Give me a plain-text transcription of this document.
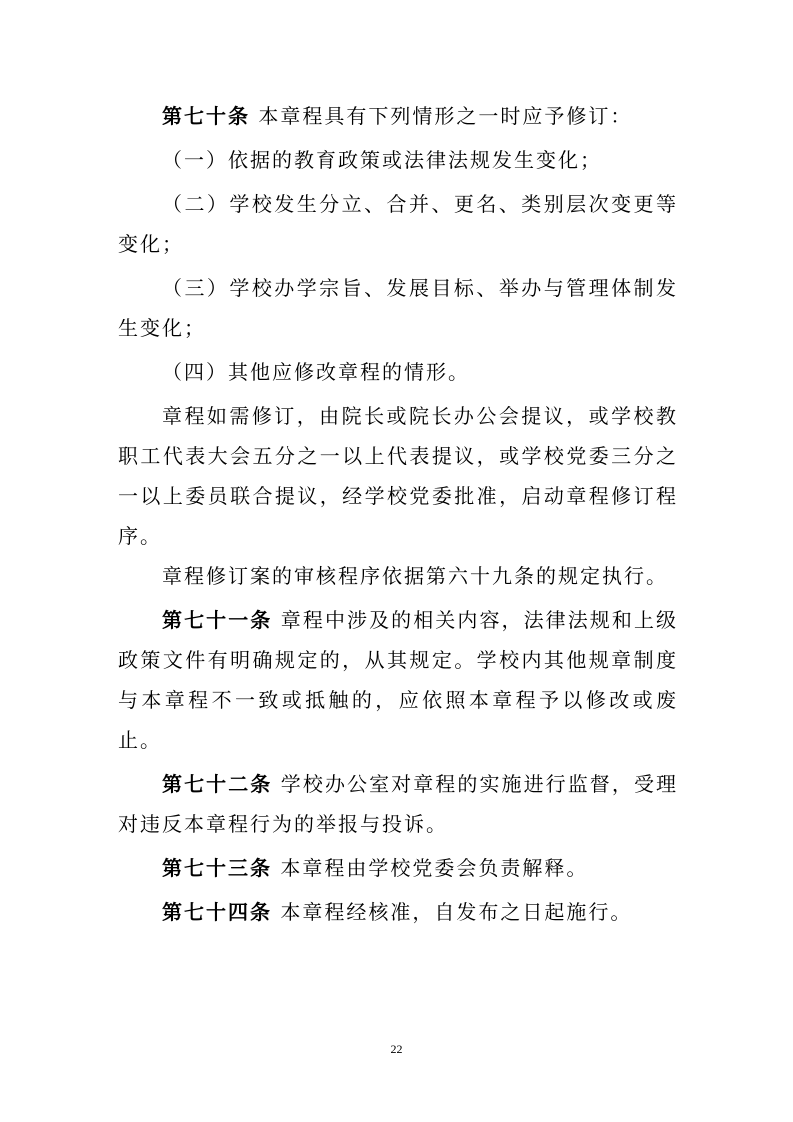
第七十条 本章程具有下列情形之一时应予修订：

（一）依据的教育政策或法律法规发生变化；

（二）学校发生分立、合并、更名、类别层次变更等变化；

（三）学校办学宗旨、发展目标、举办与管理体制发生变化；

（四）其他应修改章程的情形。

章程如需修订，由院长或院长办公会提议，或学校教职工代表大会五分之一以上代表提议，或学校党委三分之一以上委员联合提议，经学校党委批准，启动章程修订程序。

章程修订案的审核程序依据第六十九条的规定执行。

第七十一条 章程中涉及的相关内容，法律法规和上级政策文件有明确规定的，从其规定。学校内其他规章制度与本章程不一致或抵触的，应依照本章程予以修改或废止。

第七十二条 学校办公室对章程的实施进行监督，受理对违反本章程行为的举报与投诉。

第七十三条 本章程由学校党委会负责解释。

第七十四条 本章程经核准，自发布之日起施行。

22
